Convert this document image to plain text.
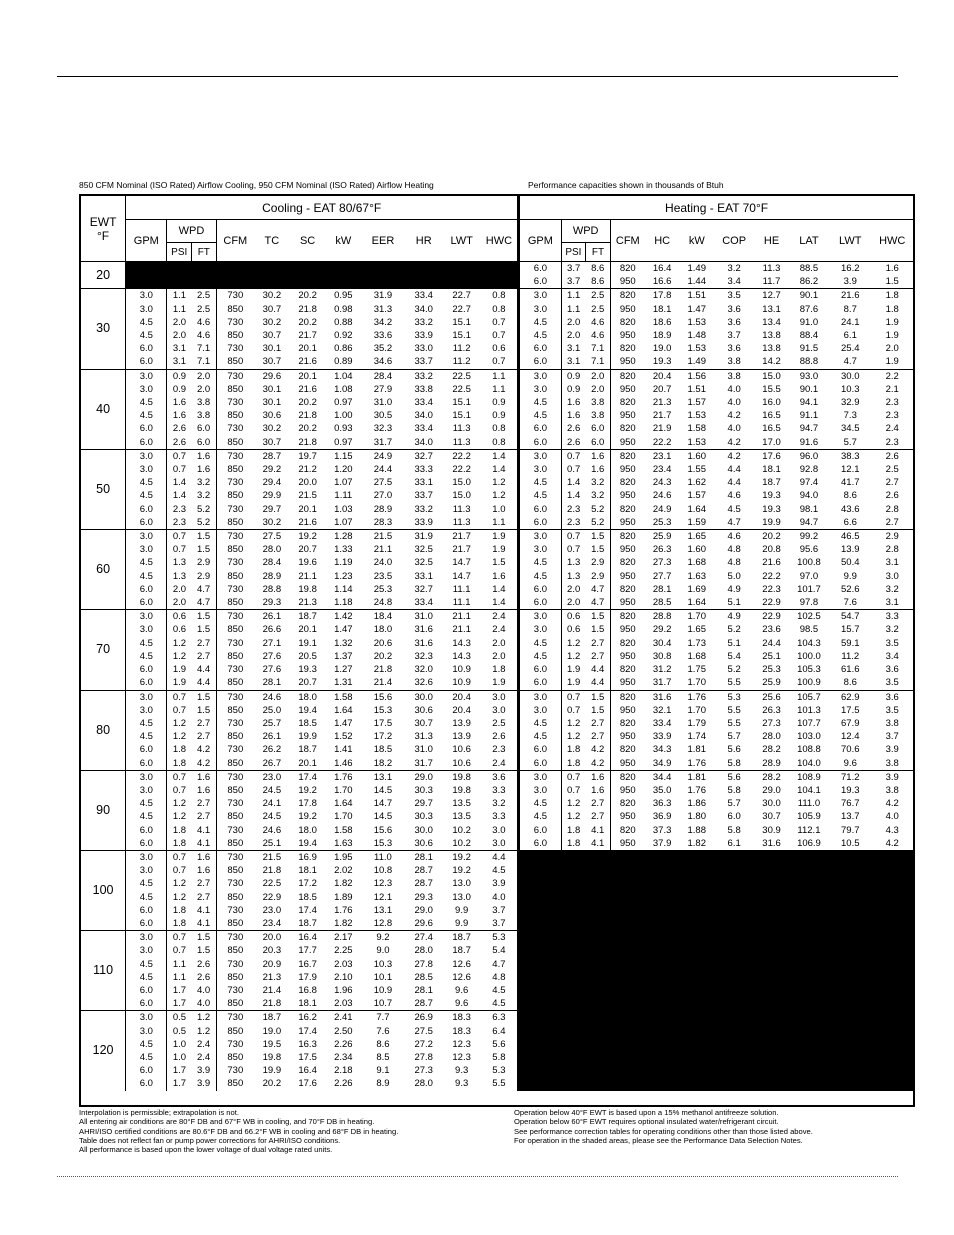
850 CFM Nominal (ISO Rated) Airflow Cooling, 950 CFM Nominal (ISO Rated) Airflow Heating	Performance capacities shown in thousands of Btuh
EWT
°F	Cooling - EAT 80/67°F											Heating - EAT 70°F										
	GPM	WPD		CFM	TC	SC	kW	EER	HR	LWT	HWC	GPM	WPD		CFM	HC	kW	COP	HE	LAT	LWT	HWC
		PSI	FT										PSI	FT								
20												6.0	3.7	8.6	820	16.4	1.49	3.2	11.3	88.5	16.2	1.6
												6.0	3.7	8.6	950	16.6	1.44	3.4	11.7	86.2	3.9	1.5
30	3.0	1.1	2.5	730	30.2	20.2	0.95	31.9	33.4	22.7	0.8	3.0	1.1	2.5	820	17.8	1.51	3.5	12.7	90.1	21.6	1.8
	3.0	1.1	2.5	850	30.7	21.8	0.98	31.3	34.0	22.7	0.8	3.0	1.1	2.5	950	18.1	1.47	3.6	13.1	87.6	8.7	1.8
	4.5	2.0	4.6	730	30.2	20.2	0.88	34.2	33.2	15.1	0.7	4.5	2.0	4.6	820	18.6	1.53	3.6	13.4	91.0	24.1	1.9
	4.5	2.0	4.6	850	30.7	21.7	0.92	33.6	33.9	15.1	0.7	4.5	2.0	4.6	950	18.9	1.48	3.7	13.8	88.4	6.1	1.9
	6.0	3.1	7.1	730	30.1	20.1	0.86	35.2	33.0	11.2	0.6	6.0	3.1	7.1	820	19.0	1.53	3.6	13.8	91.5	25.4	2.0
	6.0	3.1	7.1	850	30.7	21.6	0.89	34.6	33.7	11.2	0.7	6.0	3.1	7.1	950	19.3	1.49	3.8	14.2	88.8	4.7	1.9
40	3.0	0.9	2.0	730	29.6	20.1	1.04	28.4	33.2	22.5	1.1	3.0	0.9	2.0	820	20.4	1.56	3.8	15.0	93.0	30.0	2.2
	3.0	0.9	2.0	850	30.1	21.6	1.08	27.9	33.8	22.5	1.1	3.0	0.9	2.0	950	20.7	1.51	4.0	15.5	90.1	10.3	2.1
	4.5	1.6	3.8	730	30.1	20.2	0.97	31.0	33.4	15.1	0.9	4.5	1.6	3.8	820	21.3	1.57	4.0	16.0	94.1	32.9	2.3
	4.5	1.6	3.8	850	30.6	21.8	1.00	30.5	34.0	15.1	0.9	4.5	1.6	3.8	950	21.7	1.53	4.2	16.5	91.1	7.3	2.3
	6.0	2.6	6.0	730	30.2	20.2	0.93	32.3	33.4	11.3	0.8	6.0	2.6	6.0	820	21.9	1.58	4.0	16.5	94.7	34.5	2.4
	6.0	2.6	6.0	850	30.7	21.8	0.97	31.7	34.0	11.3	0.8	6.0	2.6	6.0	950	22.2	1.53	4.2	17.0	91.6	5.7	2.3
50	3.0	0.7	1.6	730	28.7	19.7	1.15	24.9	32.7	22.2	1.4	3.0	0.7	1.6	820	23.1	1.60	4.2	17.6	96.0	38.3	2.6
	3.0	0.7	1.6	850	29.2	21.2	1.20	24.4	33.3	22.2	1.4	3.0	0.7	1.6	950	23.4	1.55	4.4	18.1	92.8	12.1	2.5
	4.5	1.4	3.2	730	29.4	20.0	1.07	27.5	33.1	15.0	1.2	4.5	1.4	3.2	820	24.3	1.62	4.4	18.7	97.4	41.7	2.7
	4.5	1.4	3.2	850	29.9	21.5	1.11	27.0	33.7	15.0	1.2	4.5	1.4	3.2	950	24.6	1.57	4.6	19.3	94.0	8.6	2.6
	6.0	2.3	5.2	730	29.7	20.1	1.03	28.9	33.2	11.3	1.0	6.0	2.3	5.2	820	24.9	1.64	4.5	19.3	98.1	43.6	2.8
	6.0	2.3	5.2	850	30.2	21.6	1.07	28.3	33.9	11.3	1.1	6.0	2.3	5.2	950	25.3	1.59	4.7	19.9	94.7	6.6	2.7
60	3.0	0.7	1.5	730	27.5	19.2	1.28	21.5	31.9	21.7	1.9	3.0	0.7	1.5	820	25.9	1.65	4.6	20.2	99.2	46.5	2.9
	3.0	0.7	1.5	850	28.0	20.7	1.33	21.1	32.5	21.7	1.9	3.0	0.7	1.5	950	26.3	1.60	4.8	20.8	95.6	13.9	2.8
	4.5	1.3	2.9	730	28.4	19.6	1.19	24.0	32.5	14.7	1.5	4.5	1.3	2.9	820	27.3	1.68	4.8	21.6	100.8	50.4	3.1
	4.5	1.3	2.9	850	28.9	21.1	1.23	23.5	33.1	14.7	1.6	4.5	1.3	2.9	950	27.7	1.63	5.0	22.2	97.0	9.9	3.0
	6.0	2.0	4.7	730	28.8	19.8	1.14	25.3	32.7	11.1	1.4	6.0	2.0	4.7	820	28.1	1.69	4.9	22.3	101.7	52.6	3.2
	6.0	2.0	4.7	850	29.3	21.3	1.18	24.8	33.4	11.1	1.4	6.0	2.0	4.7	950	28.5	1.64	5.1	22.9	97.8	7.6	3.1
70	3.0	0.6	1.5	730	26.1	18.7	1.42	18.4	31.0	21.1	2.4	3.0	0.6	1.5	820	28.8	1.70	4.9	22.9	102.5	54.7	3.3
	3.0	0.6	1.5	850	26.6	20.1	1.47	18.0	31.6	21.1	2.4	3.0	0.6	1.5	950	29.2	1.65	5.2	23.6	98.5	15.7	3.2
	4.5	1.2	2.7	730	27.1	19.1	1.32	20.6	31.6	14.3	2.0	4.5	1.2	2.7	820	30.4	1.73	5.1	24.4	104.3	59.1	3.5
	4.5	1.2	2.7	850	27.6	20.5	1.37	20.2	32.3	14.3	2.0	4.5	1.2	2.7	950	30.8	1.68	5.4	25.1	100.0	11.2	3.4
	6.0	1.9	4.4	730	27.6	19.3	1.27	21.8	32.0	10.9	1.8	6.0	1.9	4.4	820	31.2	1.75	5.2	25.3	105.3	61.6	3.6
	6.0	1.9	4.4	850	28.1	20.7	1.31	21.4	32.6	10.9	1.9	6.0	1.9	4.4	950	31.7	1.70	5.5	25.9	100.9	8.6	3.5
80	3.0	0.7	1.5	730	24.6	18.0	1.58	15.6	30.0	20.4	3.0	3.0	0.7	1.5	820	31.6	1.76	5.3	25.6	105.7	62.9	3.6
	3.0	0.7	1.5	850	25.0	19.4	1.64	15.3	30.6	20.4	3.0	3.0	0.7	1.5	950	32.1	1.70	5.5	26.3	101.3	17.5	3.5
	4.5	1.2	2.7	730	25.7	18.5	1.47	17.5	30.7	13.9	2.5	4.5	1.2	2.7	820	33.4	1.79	5.5	27.3	107.7	67.9	3.8
	4.5	1.2	2.7	850	26.1	19.9	1.52	17.2	31.3	13.9	2.6	4.5	1.2	2.7	950	33.9	1.74	5.7	28.0	103.0	12.4	3.7
	6.0	1.8	4.2	730	26.2	18.7	1.41	18.5	31.0	10.6	2.3	6.0	1.8	4.2	820	34.3	1.81	5.6	28.2	108.8	70.6	3.9
	6.0	1.8	4.2	850	26.7	20.1	1.46	18.2	31.7	10.6	2.4	6.0	1.8	4.2	950	34.9	1.76	5.8	28.9	104.0	9.6	3.8
90	3.0	0.7	1.6	730	23.0	17.4	1.76	13.1	29.0	19.8	3.6	3.0	0.7	1.6	820	34.4	1.81	5.6	28.2	108.9	71.2	3.9
	3.0	0.7	1.6	850	24.5	19.2	1.70	14.5	30.3	19.8	3.3	3.0	0.7	1.6	950	35.0	1.76	5.8	29.0	104.1	19.3	3.8
	4.5	1.2	2.7	730	24.1	17.8	1.64	14.7	29.7	13.5	3.2	4.5	1.2	2.7	820	36.3	1.86	5.7	30.0	111.0	76.7	4.2
	4.5	1.2	2.7	850	24.5	19.2	1.70	14.5	30.3	13.5	3.3	4.5	1.2	2.7	950	36.9	1.80	6.0	30.7	105.9	13.7	4.0
	6.0	1.8	4.1	730	24.6	18.0	1.58	15.6	30.0	10.2	3.0	6.0	1.8	4.1	820	37.3	1.88	5.8	30.9	112.1	79.7	4.3
	6.0	1.8	4.1	850	25.1	19.4	1.63	15.3	30.6	10.2	3.0	6.0	1.8	4.1	950	37.9	1.82	6.1	31.6	106.9	10.5	4.2
100	3.0	0.7	1.6	730	21.5	16.9	1.95	11.0	28.1	19.2	4.4											
	3.0	0.7	1.6	850	21.8	18.1	2.02	10.8	28.7	19.2	4.5											
	4.5	1.2	2.7	730	22.5	17.2	1.82	12.3	28.7	13.0	3.9											
	4.5	1.2	2.7	850	22.9	18.5	1.89	12.1	29.3	13.0	4.0											
	6.0	1.8	4.1	730	23.0	17.4	1.76	13.1	29.0	9.9	3.7											
	6.0	1.8	4.1	850	23.4	18.7	1.82	12.8	29.6	9.9	3.7											
110	3.0	0.7	1.5	730	20.0	16.4	2.17	9.2	27.4	18.7	5.3											
	3.0	0.7	1.5	850	20.3	17.7	2.25	9.0	28.0	18.7	5.4											
	4.5	1.1	2.6	730	20.9	16.7	2.03	10.3	27.8	12.6	4.7											
	4.5	1.1	2.6	850	21.3	17.9	2.10	10.1	28.5	12.6	4.8											
	6.0	1.7	4.0	730	21.4	16.8	1.96	10.9	28.1	9.6	4.5											
	6.0	1.7	4.0	850	21.8	18.1	2.03	10.7	28.7	9.6	4.5											
120	3.0	0.5	1.2	730	18.7	16.2	2.41	7.7	26.9	18.3	6.3											
	3.0	0.5	1.2	850	19.0	17.4	2.50	7.6	27.5	18.3	6.4											
	4.5	1.0	2.4	730	19.5	16.3	2.26	8.6	27.2	12.3	5.6											
	4.5	1.0	2.4	850	19.8	17.5	2.34	8.5	27.8	12.3	5.8											
	6.0	1.7	3.9	730	19.9	16.4	2.18	9.1	27.3	9.3	5.3											
	6.0	1.7	3.9	850	20.2	17.6	2.26	8.9	28.0	9.3	5.5											
Interpolation is permissible; extrapolation is not.
All entering air conditions are 80°F DB and 67°F WB in cooling, and 70°F DB in heating.
AHRI/ISO certified conditions are 80.6°F DB and 66.2°F WB in cooling and 68°F DB in heating.
Table does not reflect fan or pump power corrections for AHRI/ISO conditions.
All performance is based upon the lower voltage of dual voltage rated units.
Operation below 40°F EWT is based upon a 15% methanol antifreeze solution.
Operation below 60°F EWT requires optional insulated water/refrigerant circuit.
See performance correction tables for operating conditions other than those listed above.
For operation in the shaded areas, please see the Performance Data Selection Notes.
